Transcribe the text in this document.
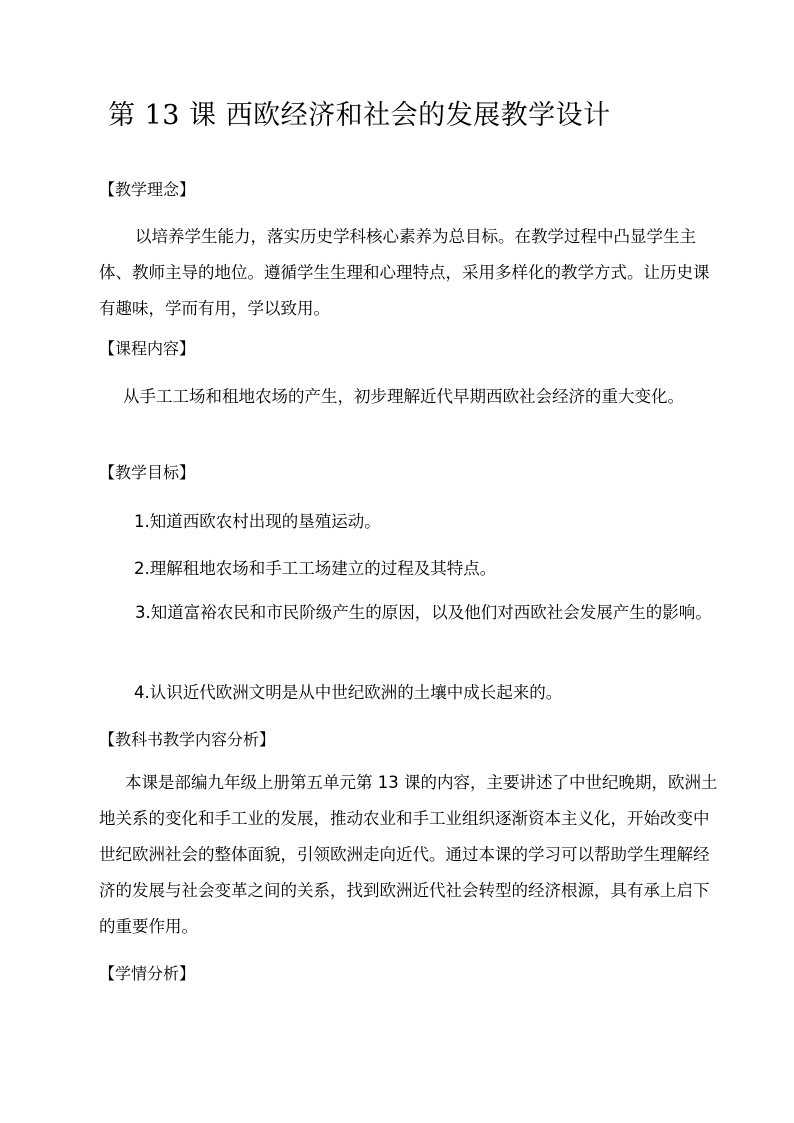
第 13 课 西欧经济和社会的发展教学设计
【教学理念】

以培养学生能力，落实历史学科核心素养为总目标。在教学过程中凸显学生主体、教师主导的地位。遵循学生生理和心理特点，采用多样化的教学方式。让历史课有趣味，学而有用，学以致用。

【课程内容】

从手工工场和租地农场的产生，初步理解近代早期西欧社会经济的重大变化。

【教学目标】
1.知道西欧农村出现的垦殖运动。
2.理解租地农场和手工工场建立的过程及其特点。

3.知道富裕农民和市民阶级产生的原因，以及他们对西欧社会发展产生的影响。

4.认识近代欧洲文明是从中世纪欧洲的土壤中成长起来的。
【教科书教学内容分析】

本课是部编九年级上册第五单元第 13 课的内容，主要讲述了中世纪晚期，欧洲土地关系的变化和手工业的发展，推动农业和手工业组织逐渐资本主义化，开始改变中世纪欧洲社会的整体面貌，引领欧洲走向近代。通过本课的学习可以帮助学生理解经济的发展与社会变革之间的关系，找到欧洲近代社会转型的经济根源，具有承上启下的重要作用。

【学情分析】
